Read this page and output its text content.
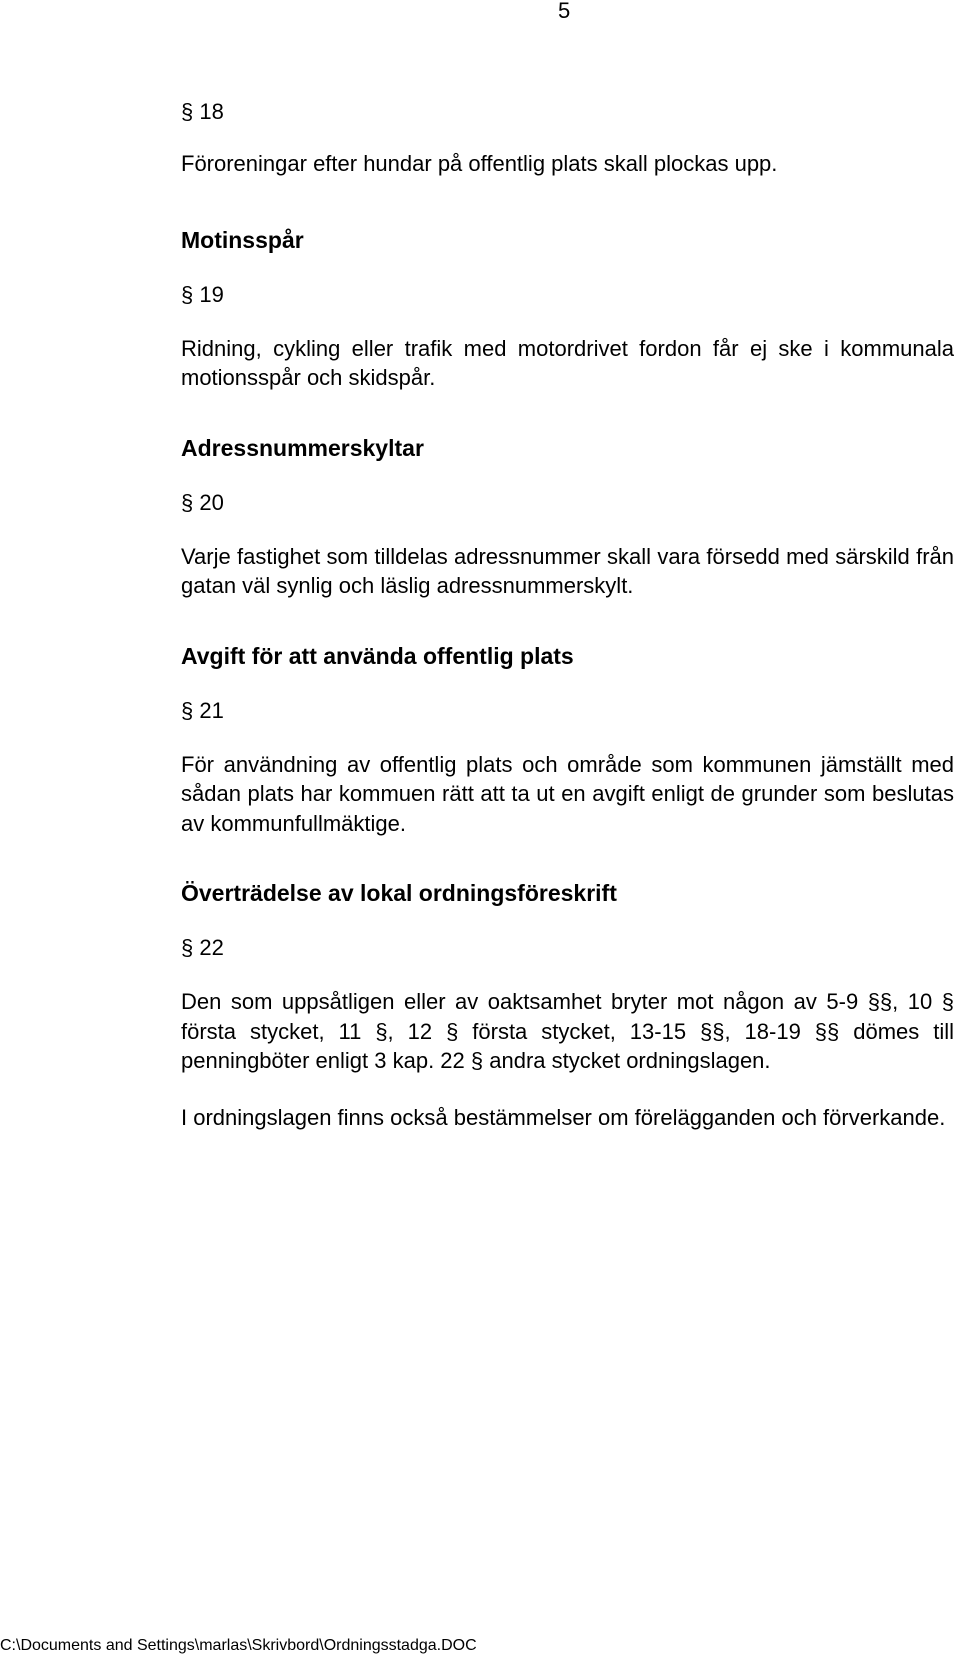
5

§ 18

Föroreningar efter hundar på offentlig plats skall plockas upp.

Motinsspår

§ 19

Ridning, cykling eller trafik med motordrivet fordon får ej ske i kommunala motionsspår och skidspår.

Adressnummerskyltar

§ 20

Varje fastighet som tilldelas adressnummer skall vara försedd med särskild från gatan väl synlig och läslig adressnummerskylt.

Avgift för att använda offentlig plats

§ 21

För användning av offentlig plats och område som kommunen jämställt med sådan plats har kommuen rätt att ta ut en avgift enligt de grunder som beslutas av kommunfullmäktige.

Överträdelse av lokal ordningsföreskrift

§ 22

Den som uppsåtligen eller av oaktsamhet bryter mot någon av 5-9 §§, 10 § första stycket, 11 §, 12 § första stycket, 13-15 §§, 18-19 §§ dömes till penningböter enligt 3 kap. 22 § andra stycket ordningslagen.

I ordningslagen finns också bestämmelser om förelägganden och förverkande.

C:\Documents and Settings\marlas\Skrivbord\Ordningsstadga.DOC
